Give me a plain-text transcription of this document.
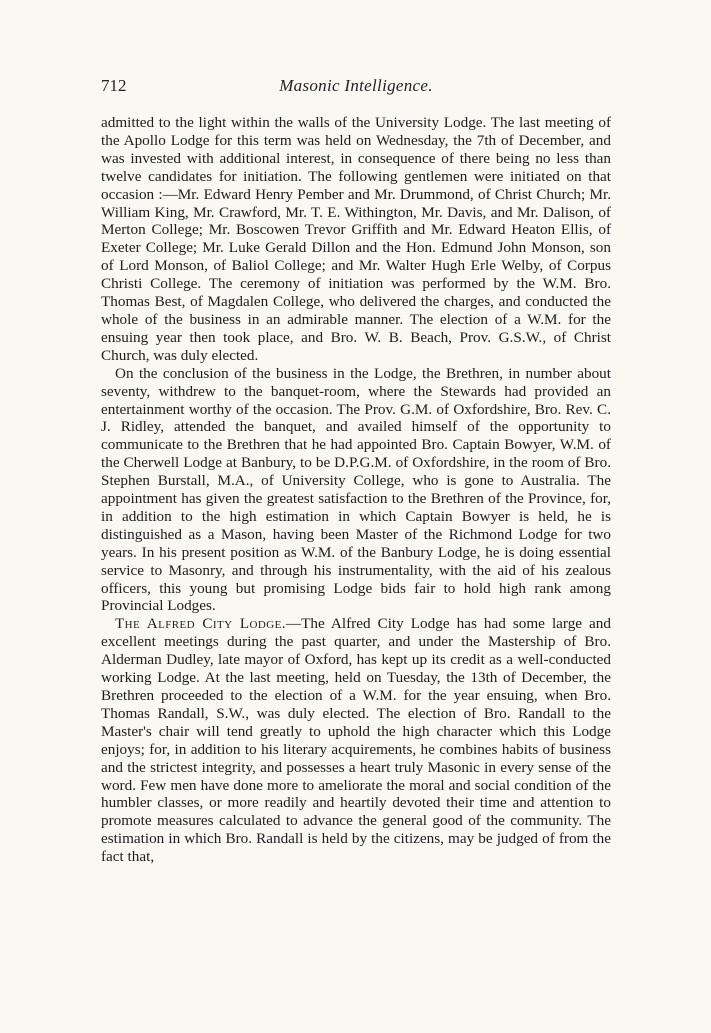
712	Masonic Intelligence.

admitted to the light within the walls of the University Lodge. The last meeting of the Apollo Lodge for this term was held on Wednesday, the 7th of December, and was invested with additional interest, in consequence of there being no less than twelve candidates for initiation. The following gentlemen were initiated on that occasion :—Mr. Edward Henry Pember and Mr. Drummond, of Christ Church; Mr. William King, Mr. Crawford, Mr. T. E. Withington, Mr. Davis, and Mr. Dalison, of Merton College; Mr. Boscowen Trevor Griffith and Mr. Edward Heaton Ellis, of Exeter College; Mr. Luke Gerald Dillon and the Hon. Edmund John Monson, son of Lord Monson, of Baliol College; and Mr. Walter Hugh Erle Welby, of Corpus Christi College. The ceremony of initiation was performed by the W.M. Bro. Thomas Best, of Magdalen College, who delivered the charges, and conducted the whole of the business in an admirable manner. The election of a W.M. for the ensuing year then took place, and Bro. W. B. Beach, Prov. G.S.W., of Christ Church, was duly elected.

On the conclusion of the business in the Lodge, the Brethren, in number about seventy, withdrew to the banquet-room, where the Stewards had provided an entertainment worthy of the occasion. The Prov. G.M. of Oxfordshire, Bro. Rev. C. J. Ridley, attended the banquet, and availed himself of the opportunity to communicate to the Brethren that he had appointed Bro. Captain Bowyer, W.M. of the Cherwell Lodge at Banbury, to be D.P.G.M. of Oxfordshire, in the room of Bro. Stephen Burstall, M.A., of University College, who is gone to Australia. The appointment has given the greatest satisfaction to the Brethren of the Province, for, in addition to the high estimation in which Captain Bowyer is held, he is distinguished as a Mason, having been Master of the Richmond Lodge for two years. In his present position as W.M. of the Banbury Lodge, he is doing essential service to Masonry, and through his instrumentality, with the aid of his zealous officers, this young but promising Lodge bids fair to hold high rank among Provincial Lodges.

The Alfred City Lodge.—The Alfred City Lodge has had some large and excellent meetings during the past quarter, and under the Mastership of Bro. Alderman Dudley, late mayor of Oxford, has kept up its credit as a well-conducted working Lodge. At the last meeting, held on Tuesday, the 13th of December, the Brethren proceeded to the election of a W.M. for the year ensuing, when Bro. Thomas Randall, S.W., was duly elected. The election of Bro. Randall to the Master's chair will tend greatly to uphold the high character which this Lodge enjoys; for, in addition to his literary acquirements, he combines habits of business and the strictest integrity, and possesses a heart truly Masonic in every sense of the word. Few men have done more to ameliorate the moral and social condition of the humbler classes, or more readily and heartily devoted their time and attention to promote measures calculated to advance the general good of the community. The estimation in which Bro. Randall is held by the citizens, may be judged of from the fact that,
